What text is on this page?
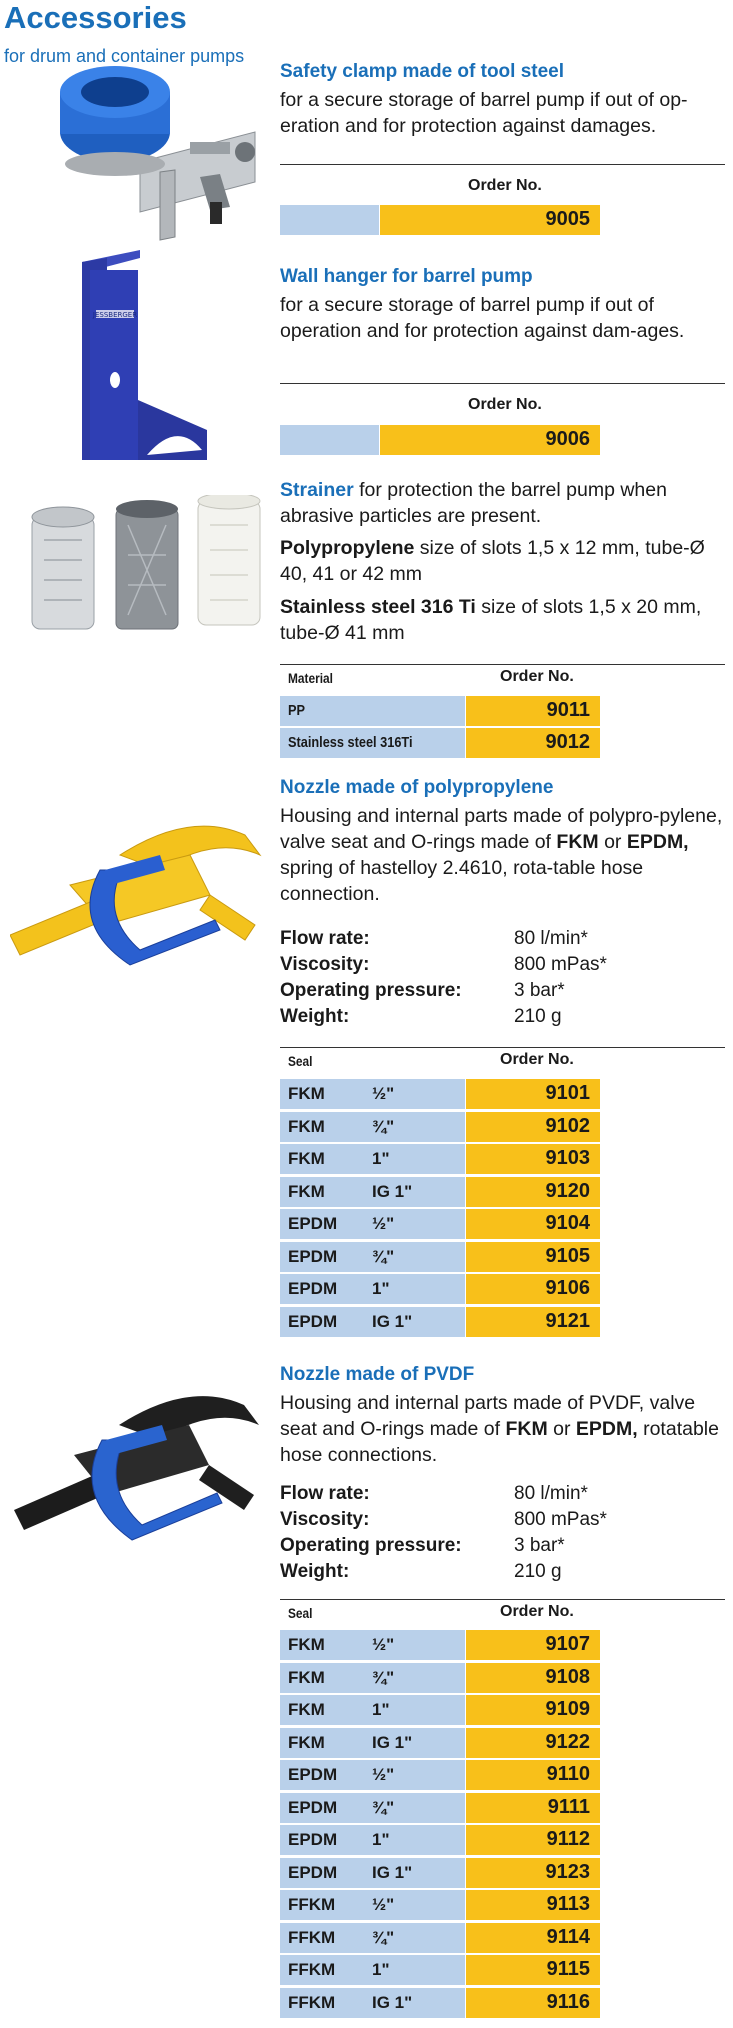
Accessories
for drum and container pumps
Safety clamp made of tool steel
for a secure storage of barrel pump if out of op-eration and for protection against damages.
Order No.
9005
JESSBERGER
Wall hanger for barrel pump
for a secure storage of barrel pump if out of operation and for protection against dam-ages.
Order No.
9006
Strainer for protection the barrel pump when abrasive particles are present.
Polypropylene size of slots 1,5 x 12 mm, tube-Ø 40, 41 or 42 mm
Stainless steel 316 Ti size of slots 1,5 x 20 mm, tube-Ø 41 mm
Material	Order No.
PP	9011
Stainless steel 316Ti	9012
Nozzle made of polypropylene
Housing and internal parts made of polypro-pylene, valve seat and O-rings made of FKM or EPDM, spring of hastelloy 2.4610, rota-table hose connection.
Flow rate:	80 l/min*
Viscosity:	800 mPas*
Operating pressure:	3 bar*
Weight:	210 g
Seal	Order No.
FKM	½"	9101
FKM	¾"	9102
FKM	1"	9103
FKM	IG 1"	9120
EPDM ½"	9104
EPDM ¾"	9105
EPDM 1"	9106
EPDM IG 1"	9121
Nozzle made of PVDF
Housing and internal parts made of PVDF, valve seat and O-rings made of FKM or EPDM, rotatable hose connections.
Flow rate:	80 l/min*
Viscosity:	800 mPas*
Operating pressure:	3 bar*
Weight:	210 g
Seal	Order No.
FKM	½"	9107
FKM	¾"	9108
FKM	1"	9109
FKM	IG 1"	9122
EPDM ½"	9110
EPDM ¾"	9111
EPDM 1"	9112
EPDM IG 1"	9123
FFKM ½"	9113
FFKM ¾"	9114
FFKM 1"	9115
FFKM IG 1"	9116
